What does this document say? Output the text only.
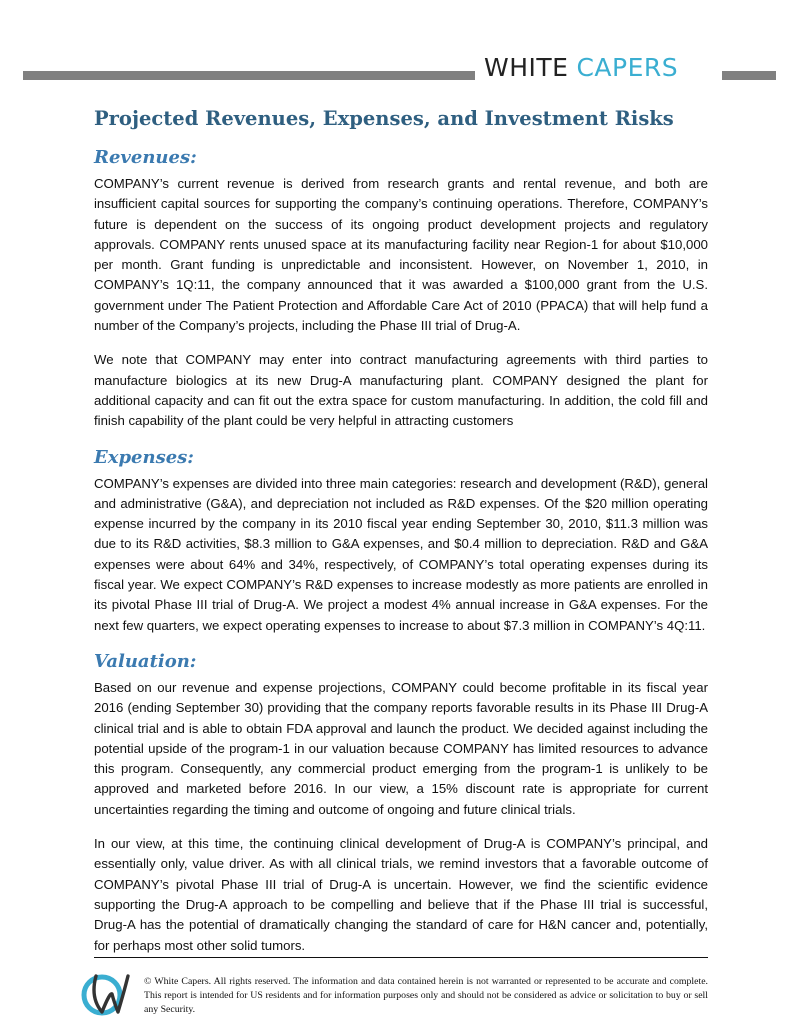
WHITE CAPERS
Projected Revenues, Expenses, and Investment Risks
Revenues:

COMPANY’s current revenue is derived from research grants and rental revenue, and both are insufficient capital sources for supporting the company’s continuing operations. Therefore, COMPANY’s future is dependent on the success of its ongoing product development projects and regulatory approvals. COMPANY rents unused space at its manufacturing facility near Region-1 for about $10,000 per month. Grant funding is unpredictable and inconsistent. However, on November 1, 2010, in COMPANY’s 1Q:11, the company announced that it was awarded a $100,000 grant from the U.S. government under The Patient Protection and Affordable Care Act of 2010 (PPACA) that will help fund a number of the Company’s projects, including the Phase III trial of Drug-A.

We note that COMPANY may enter into contract manufacturing agreements with third parties to manufacture biologics at its new Drug-A manufacturing plant. COMPANY designed the plant for additional capacity and can fit out the extra space for custom manufacturing. In addition, the cold fill and finish capability of the plant could be very helpful in attracting customers

Expenses:

COMPANY’s expenses are divided into three main categories: research and development (R&D), general and administrative (G&A), and depreciation not included as R&D expenses. Of the $20 million operating expense incurred by the company in its 2010 fiscal year ending September 30, 2010, $11.3 million was due to its R&D activities, $8.3 million to G&A expenses, and $0.4 million to depreciation. R&D and G&A expenses were about 64% and 34%, respectively, of COMPANY’s total operating expenses during its fiscal year. We expect COMPANY’s R&D expenses to increase modestly as more patients are enrolled in its pivotal Phase III trial of Drug-A. We project a modest 4% annual increase in G&A expenses. For the next few quarters, we expect operating expenses to increase to about $7.3 million in COMPANY’s 4Q:11.

Valuation:

Based on our revenue and expense projections, COMPANY could become profitable in its fiscal year 2016 (ending September 30) providing that the company reports favorable results in its Phase III Drug-A clinical trial and is able to obtain FDA approval and launch the product. We decided against including the potential upside of the program-1 in our valuation because COMPANY has limited resources to advance this program. Consequently, any commercial product emerging from the program-1 is unlikely to be approved and marketed before 2016. In our view, a 15% discount rate is appropriate for current uncertainties regarding the timing and outcome of ongoing and future clinical trials.

In our view, at this time, the continuing clinical development of Drug-A is COMPANY’s principal, and essentially only, value driver. As with all clinical trials, we remind investors that a favorable outcome of COMPANY’s pivotal Phase III trial of Drug-A is uncertain. However, we find the scientific evidence supporting the Drug-A approach to be compelling and believe that if the Phase III trial is successful, Drug-A has the potential of dramatically changing the standard of care for H&N cancer and, potentially, for perhaps most other solid tumors.

© White Capers. All rights reserved. The information and data contained herein is not warranted or represented to be accurate and complete. This report is intended for US residents and for information purposes only and should not be considered as advice or solicitation to buy or sell any Security.
